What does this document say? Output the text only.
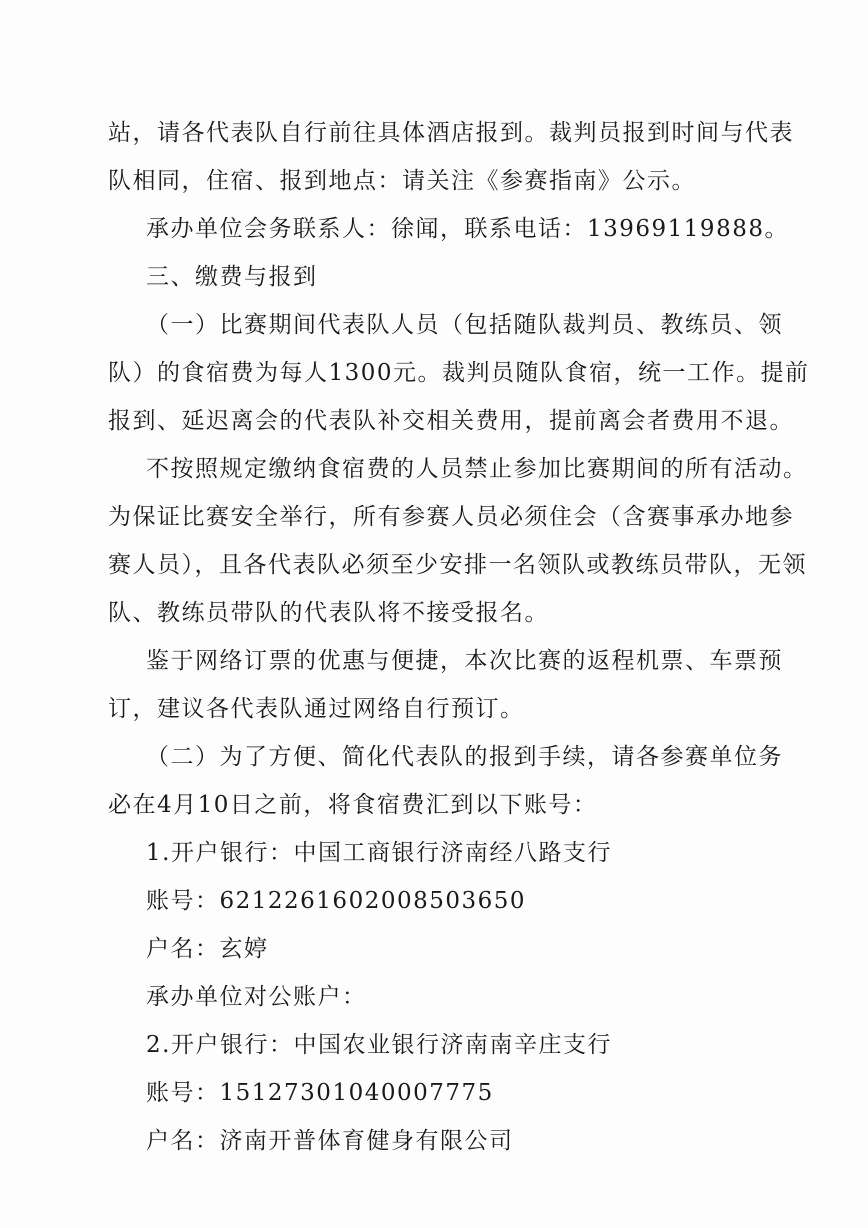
站，请各代表队自行前往具体酒店报到。裁判员报到时间与代表
队相同，住宿、报到地点：请关注《参赛指南》公示。
承办单位会务联系人：徐闻，联系电话：13969119888。
三、缴费与报到
（一）比赛期间代表队人员（包括随队裁判员、教练员、领
队）的食宿费为每人1300元。裁判员随队食宿，统一工作。提前
报到、延迟离会的代表队补交相关费用，提前离会者费用不退。
不按照规定缴纳食宿费的人员禁止参加比赛期间的所有活动。
为保证比赛安全举行，所有参赛人员必须住会（含赛事承办地参
赛人员），且各代表队必须至少安排一名领队或教练员带队，无领
队、教练员带队的代表队将不接受报名。
鉴于网络订票的优惠与便捷，本次比赛的返程机票、车票预
订，建议各代表队通过网络自行预订。
（二）为了方便、简化代表队的报到手续，请各参赛单位务
必在4月10日之前，将食宿费汇到以下账号：
1.开户银行：中国工商银行济南经八路支行
账号：6212261602008503650
户名：玄婷
承办单位对公账户：
2.开户银行：中国农业银行济南南辛庄支行
账号：15127301040007775
户名：济南开普体育健身有限公司
